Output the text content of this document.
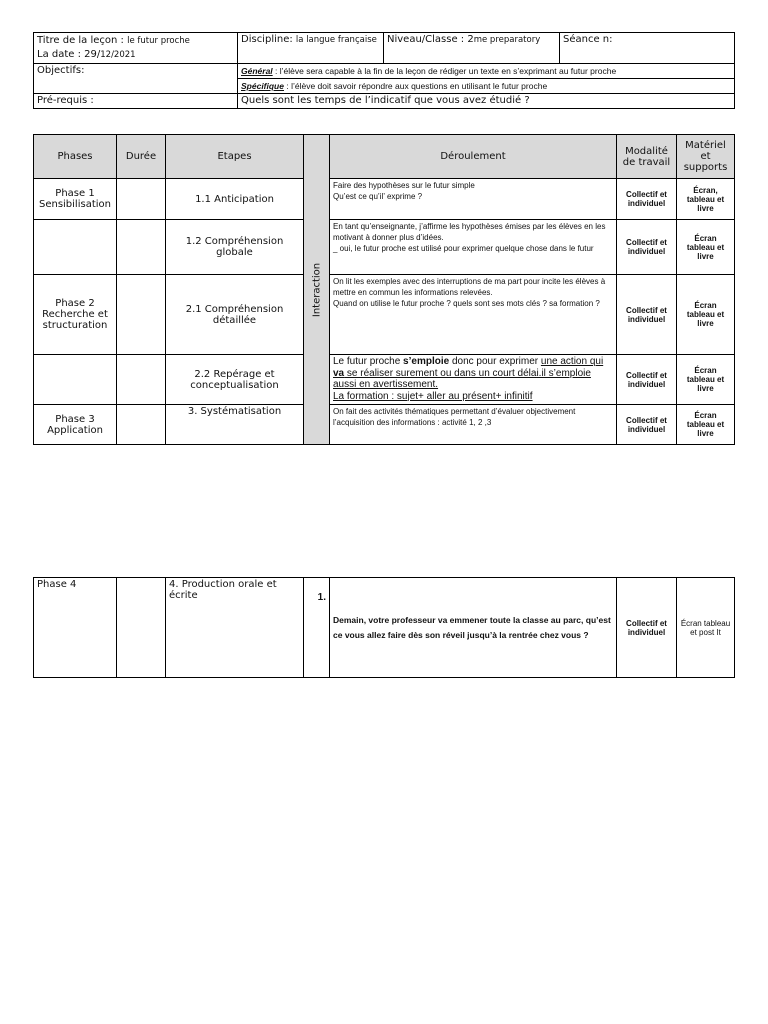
Titre de la leçon : le futur proche
La date : 29/12/2021	Discipline: la langue française	Niveau/Classe : 2me preparatory	Séance n:
Objectifs:	Général : l’élève sera capable à la fin de la leçon de rédiger un texte en s’exprimant au futur proche		
	Spécifique : l’élève doit savoir répondre aux questions en utilisant le futur proche		
Pré-requis :	Quels sont les temps de l’indicatif que vous avez étudié ?		
Phases	Durée	Etapes	Interaction	Déroulement	Modalité de travail	Matériel et supports
Phase 1 Sensibilisation		1.1 Anticipation		Faire des hypothèses sur le futur simple
Qu’est ce qu’il’ exprime ?	Collectif et individuel	Écran, tableau et livre
		1.2 Compréhension globale		En tant qu’enseignante, j’affirme les hypothèses émises par les élèves en les motivant à donner plus d’idées.
_ oui, le futur proche est utilisé pour exprimer quelque chose dans le futur	Collectif et individuel	Écran tableau et livre
Phase 2 Recherche et structuration		2.1 Compréhension détaillée		On lit les exemples avec des interruptions de ma part pour incite les élèves à mettre en commun les informations relevées.
Quand on utilise le futur proche ? quels sont ses mots clés ? sa formation ?	Collectif et individuel	Écran tableau et livre
		2.2 Repérage et conceptualisation		Le futur proche s’emploie donc pour exprimer une action qui va se réaliser surement ou dans un court délai.il s’emploie aussi en avertissement.
La formation : sujet+ aller au présent+ infinitif	Collectif et individuel	Écran tableau et livre
Phase 3 Application		3. Systématisation		On fait des activités thématiques permettant d’évaluer objectivement l’acquisition des informations : activité 1, 2 ,3	Collectif et individuel	Écran tableau et livre
Phase 4		4. Production orale et écrite	1.	Demain, votre professeur va emmener toute la classe au parc, qu’est ce vous allez faire dès son réveil jusqu’à la rentrée chez vous ?	Collectif et individuel	Écran tableau et post It
